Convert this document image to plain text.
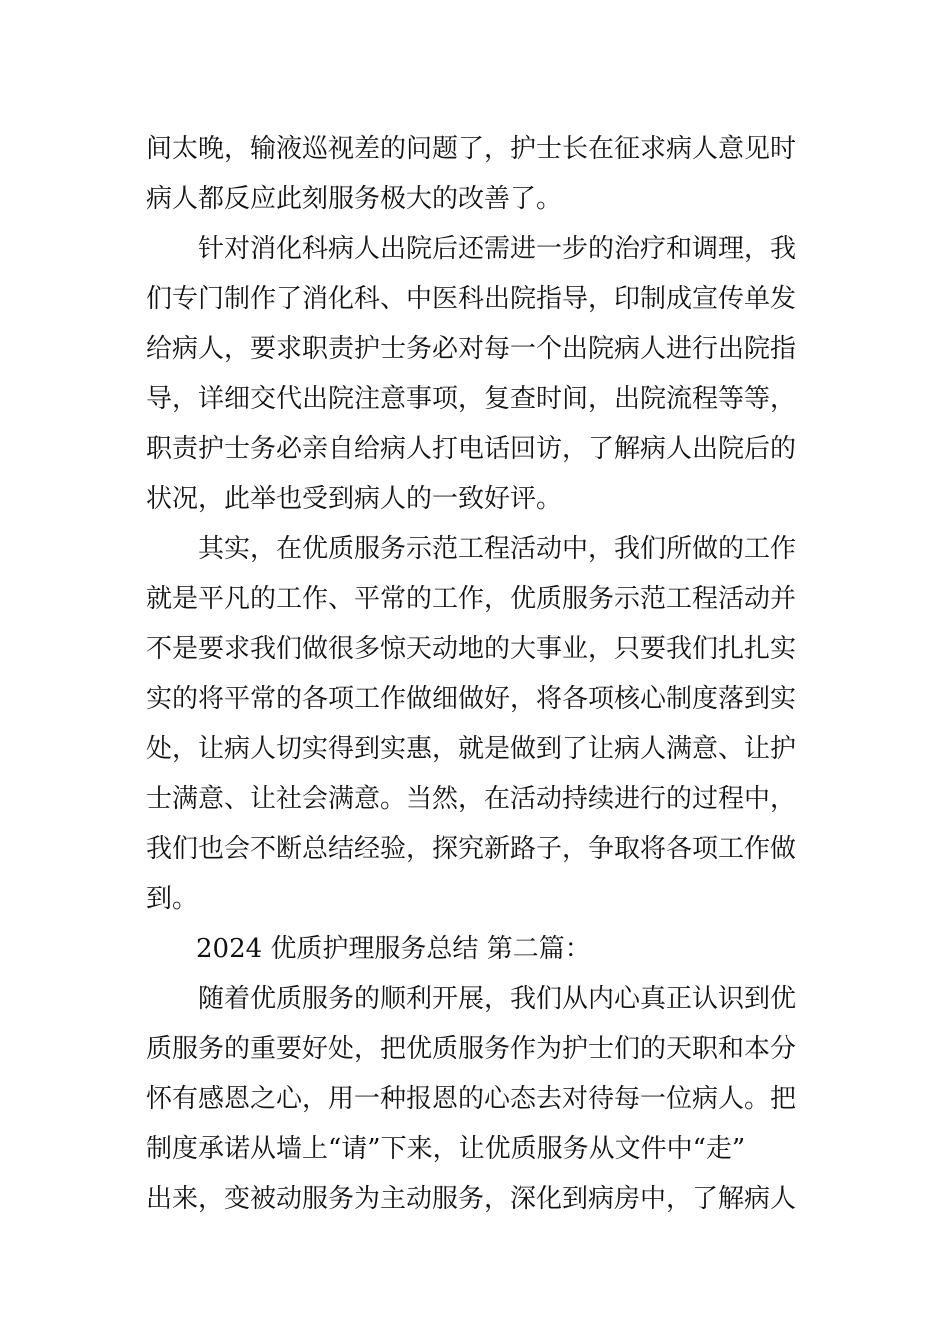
间太晚，输液巡视差的问题了，护士长在征求病人意见时
病人都反应此刻服务极大的改善了。
针对消化科病人出院后还需进一步的治疗和调理，我
们专门制作了消化科、中医科出院指导，印制成宣传单发
给病人，要求职责护士务必对每一个出院病人进行出院指
导，详细交代出院注意事项，复查时间，出院流程等等，
职责护士务必亲自给病人打电话回访，了解病人出院后的
状况，此举也受到病人的一致好评。
其实，在优质服务示范工程活动中，我们所做的工作
就是平凡的工作、平常的工作，优质服务示范工程活动并
不是要求我们做很多惊天动地的大事业，只要我们扎扎实
实的将平常的各项工作做细做好，将各项核心制度落到实
处，让病人切实得到实惠，就是做到了让病人满意、让护
士满意、让社会满意。当然，在活动持续进行的过程中，
我们也会不断总结经验，探究新路子，争取将各项工作做
到。
2024 优质护理服务总结 第二篇：
随着优质服务的顺利开展，我们从内心真正认识到优
质服务的重要好处，把优质服务作为护士们的天职和本分
怀有感恩之心，用一种报恩的心态去对待每一位病人。把
制度承诺从墙上“请”下来，让优质服务从文件中“走”
出来，变被动服务为主动服务，深化到病房中，了解病人
